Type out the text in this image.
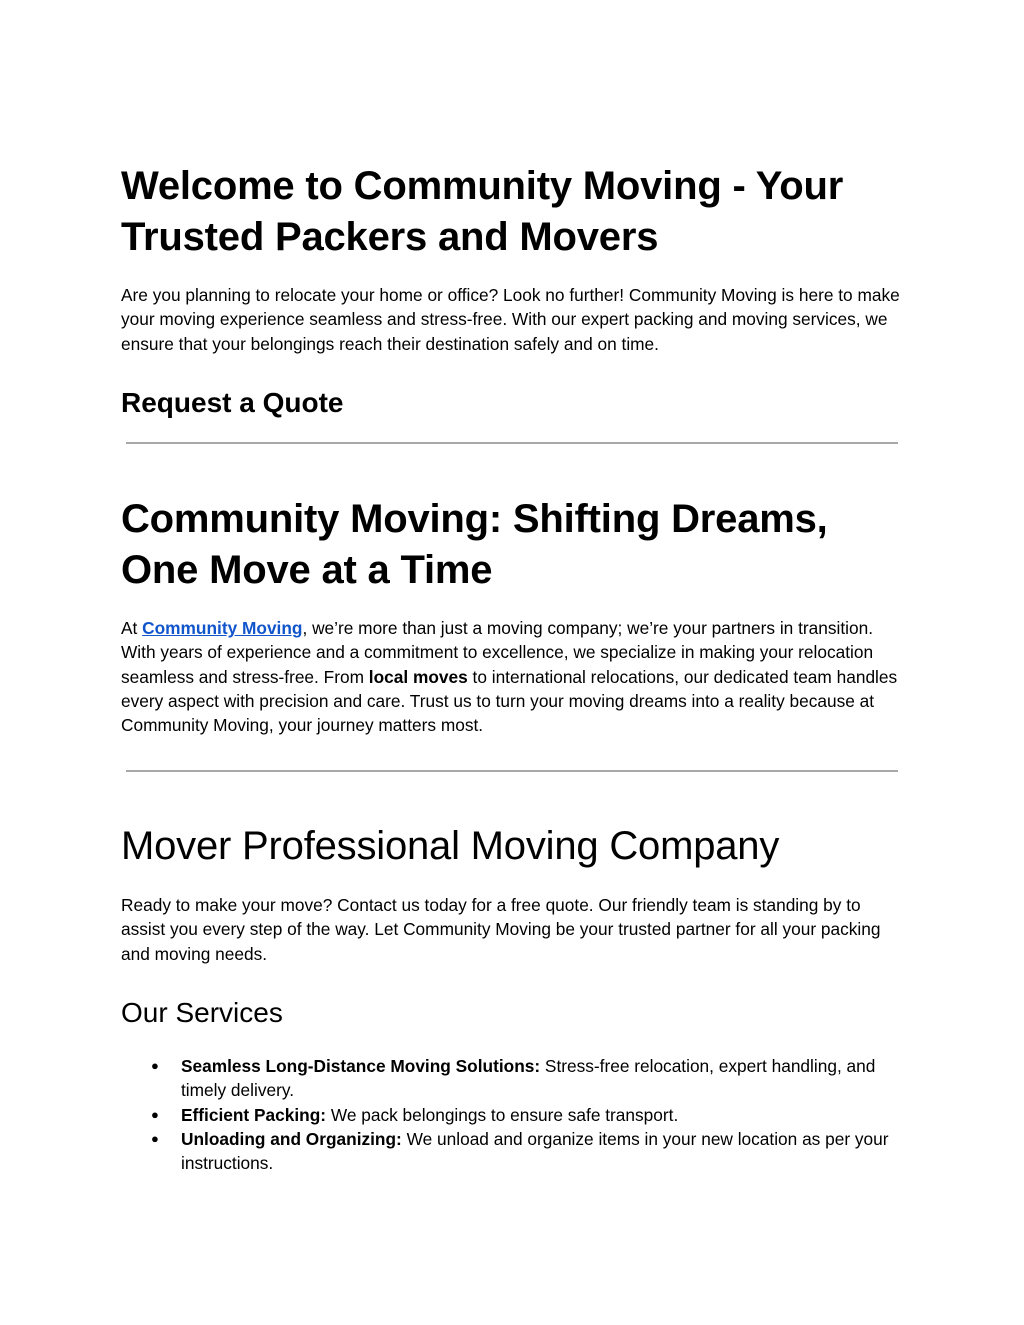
Welcome to Community Moving - Your Trusted Packers and Movers

Are you planning to relocate your home or office? Look no further! Community Moving is here to make your moving experience seamless and stress-free. With our expert packing and moving services, we ensure that your belongings reach their destination safely and on time.

Request a Quote
Community Moving: Shifting Dreams, One Move at a Time

At Community Moving, we’re more than just a moving company; we’re your partners in transition. With years of experience and a commitment to excellence, we specialize in making your relocation seamless and stress-free. From local moves to international relocations, our dedicated team handles every aspect with precision and care. Trust us to turn your moving dreams into a reality because at Community Moving, your journey matters most.

Mover Professional Moving Company

Ready to make your move? Contact us today for a free quote. Our friendly team is standing by to assist you every step of the way. Let Community Moving be your trusted partner for all your packing and moving needs.

Our Services
● Seamless Long-Distance Moving Solutions: Stress-free relocation, expert handling, and timely delivery.
● Efficient Packing: We pack belongings to ensure safe transport.
● Unloading and Organizing: We unload and organize items in your new location as per your instructions.
